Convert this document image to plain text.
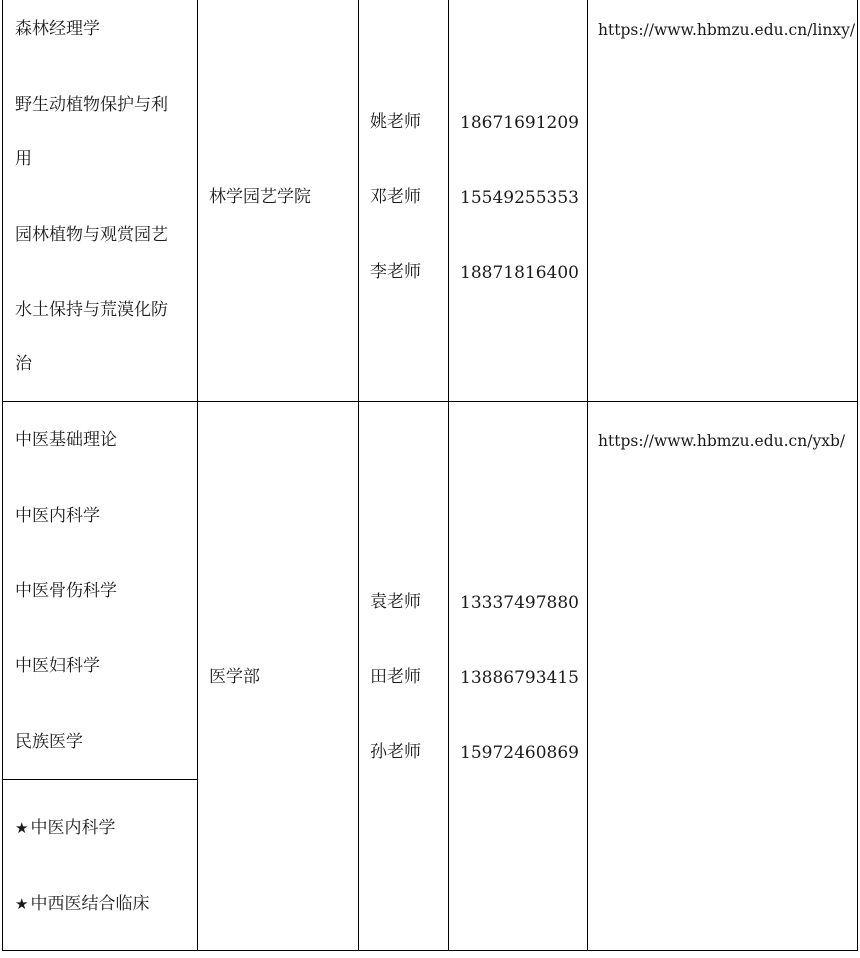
森林经理学
野生动植物保护与利
用
园林植物与观赏园艺
水土保持与荒漠化防
治
林学园艺学院
姚老师
邓老师
李老师
18671691209
15549255353
18871816400
https://www.hbmzu.edu.cn/linxy/
中医基础理论
中医内科学
中医骨伤科学
中医妇科学
民族医学
★ 中医内科学
★ 中西医结合临床
医学部
袁老师
田老师
孙老师
13337497880
13886793415
15972460869
https://www.hbmzu.edu.cn/yxb/
